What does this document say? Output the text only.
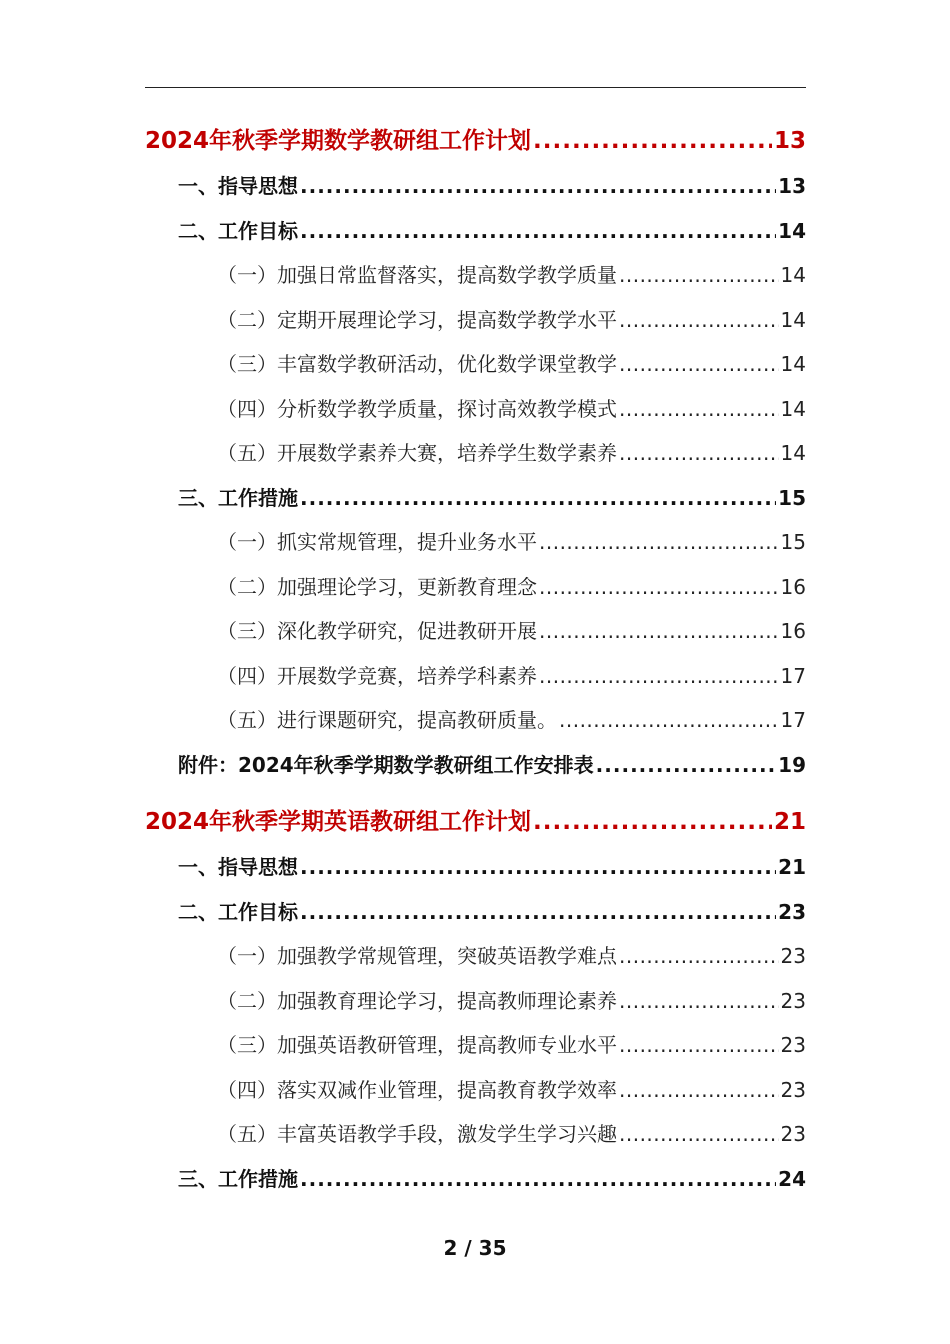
2024年秋季学期数学教研组工作计划 .....	13
一、指导思想 .....	13
二、工作目标 .....	14
（一）加强日常监督落实，提高数学教学质量 .....	14
（二）定期开展理论学习，提高数学教学水平 .....	14
（三）丰富数学教研活动，优化数学课堂教学 .....	14
（四）分析数学教学质量，探讨高效教学模式 .....	14
（五）开展数学素养大赛，培养学生数学素养 .....	14
三、工作措施 .....	15
（一）抓实常规管理，提升业务水平 .....	15
（二）加强理论学习，更新教育理念 .....	16
（三）深化教学研究，促进教研开展 .....	16
（四）开展数学竞赛，培养学科素养 .....	17
（五）进行课题研究，提高教研质量。 .....	17
附件：2024年秋季学期数学教研组工作安排表 .....	19
2024年秋季学期英语教研组工作计划 .....	21
一、指导思想 .....	21
二、工作目标 .....	23
（一）加强教学常规管理，突破英语教学难点 .....	23
（二）加强教育理论学习，提高教师理论素养 .....	23
（三）加强英语教研管理，提高教师专业水平 .....	23
（四）落实双减作业管理，提高教育教学效率 .....	23
（五）丰富英语教学手段，激发学生学习兴趣 .....	23
三、工作措施 .....	24
2 / 35
